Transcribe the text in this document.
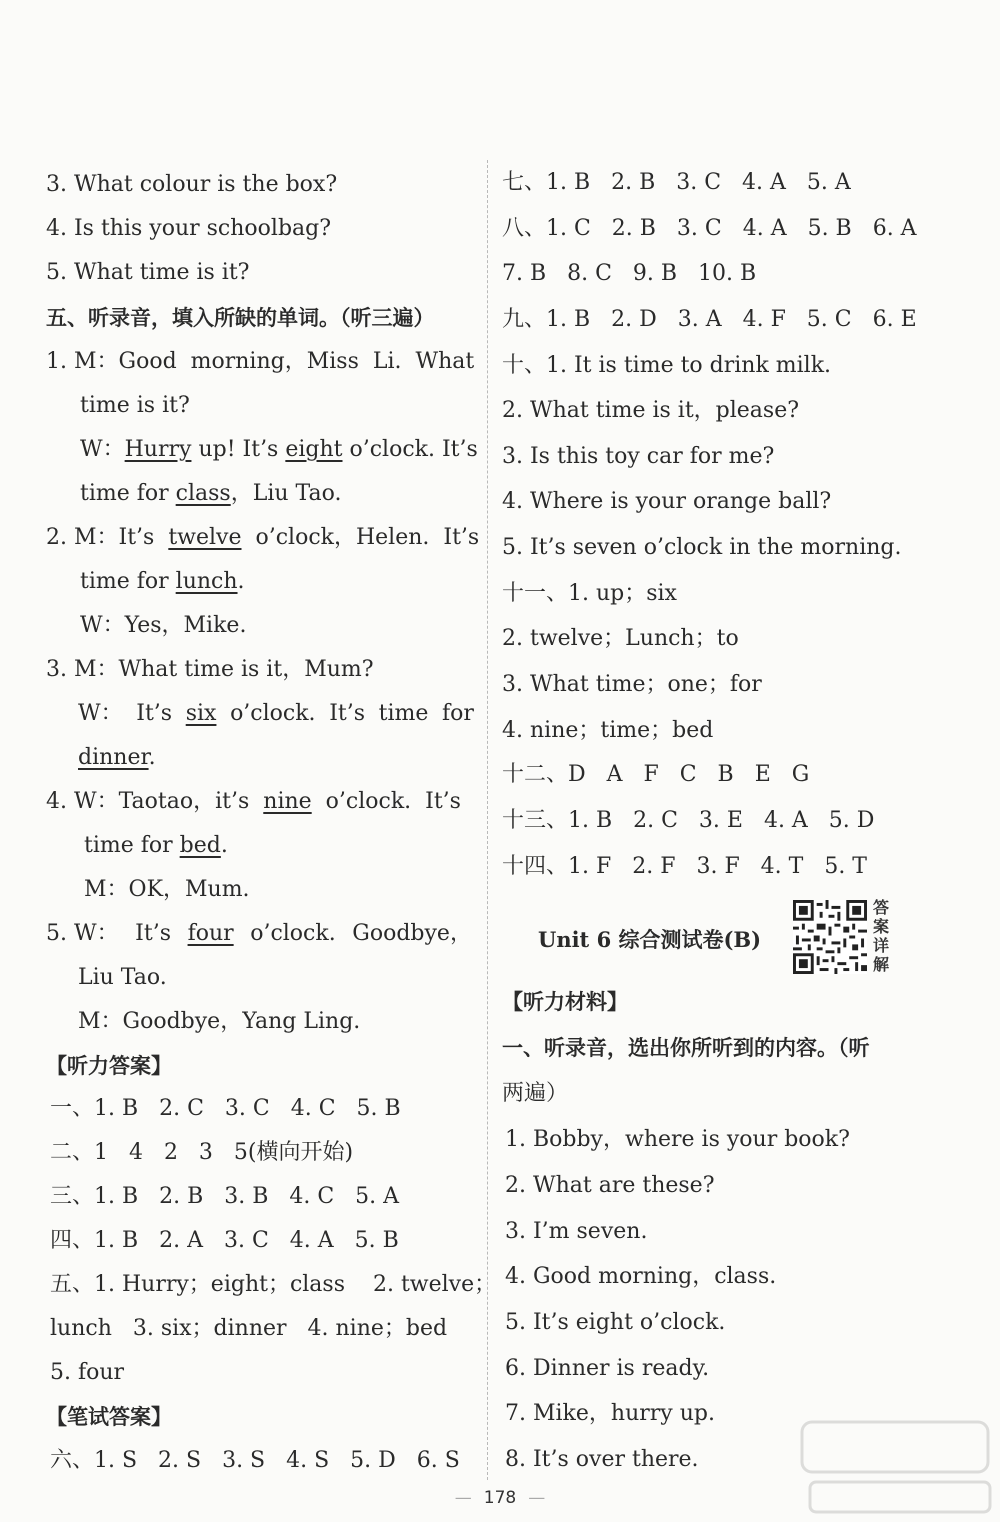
3. What colour is the box?
4. Is this your schoolbag?
5. What time is it?
五、听录音，填入所缺的单词。（听三遍）
1. M：Good  morning，Miss  Li.  What
time is it?
W：Hurry up! It’s eight o’clock. It’s
time for class，Liu Tao.
2. M：It’s  twelve  o’clock，Helen.  It’s
time for lunch.
W：Yes，Mike.
3. M：What time is it，Mum?
W： It’s six o’clock. It’s time for
dinner.
4. W：Taotao，it’s  nine  o’clock.  It’s
time for bed.
M：OK，Mum.
5. W： It’s four o’clock. Goodbye，
Liu Tao.
M：Goodbye，Yang Ling.
【听力答案】
一、1. B   2. C   3. C   4. C   5. B
二、1   4   2   3   5(横向开始)
三、1. B   2. B   3. B   4. C   5. A
四、1. B   2. A   3. C   4. A   5. B
五、1. Hurry；eight；class    2. twelve；
lunch   3. six；dinner   4. nine；bed
5. four
【笔试答案】
六、1. S   2. S   3. S   4. S   5. D   6. S
七、1. B   2. B   3. C   4. A   5. A
八、1. C   2. B   3. C   4. A   5. B   6. A
7. B   8. C   9. B   10. B
九、1. B   2. D   3. A   4. F   5. C   6. E
十、1. It is time to drink milk.
2. What time is it，please?
3. Is this toy car for me?
4. Where is your orange ball?
5. It’s seven o’clock in the morning.
十一、1. up；six
2. twelve；Lunch；to
3. What time；one；for
4. nine；time；bed
十二、D   A   F   C   B   E   G
十三、1. B   2. C   3. E   4. A   5. D
十四、1. F   2. F   3. F   4. T   5. T
Unit 6 综合测试卷(B)
答案详解
【听力材料】
一、听录音，选出你所听到的内容。（听
两遍）
1. Bobby，where is your book?
2. What are these?
3. I’m seven.
4. Good morning，class.
5. It’s eight o’clock.
6. Dinner is ready.
7. Mike，hurry up.
8. It’s over there.
— 178 —
